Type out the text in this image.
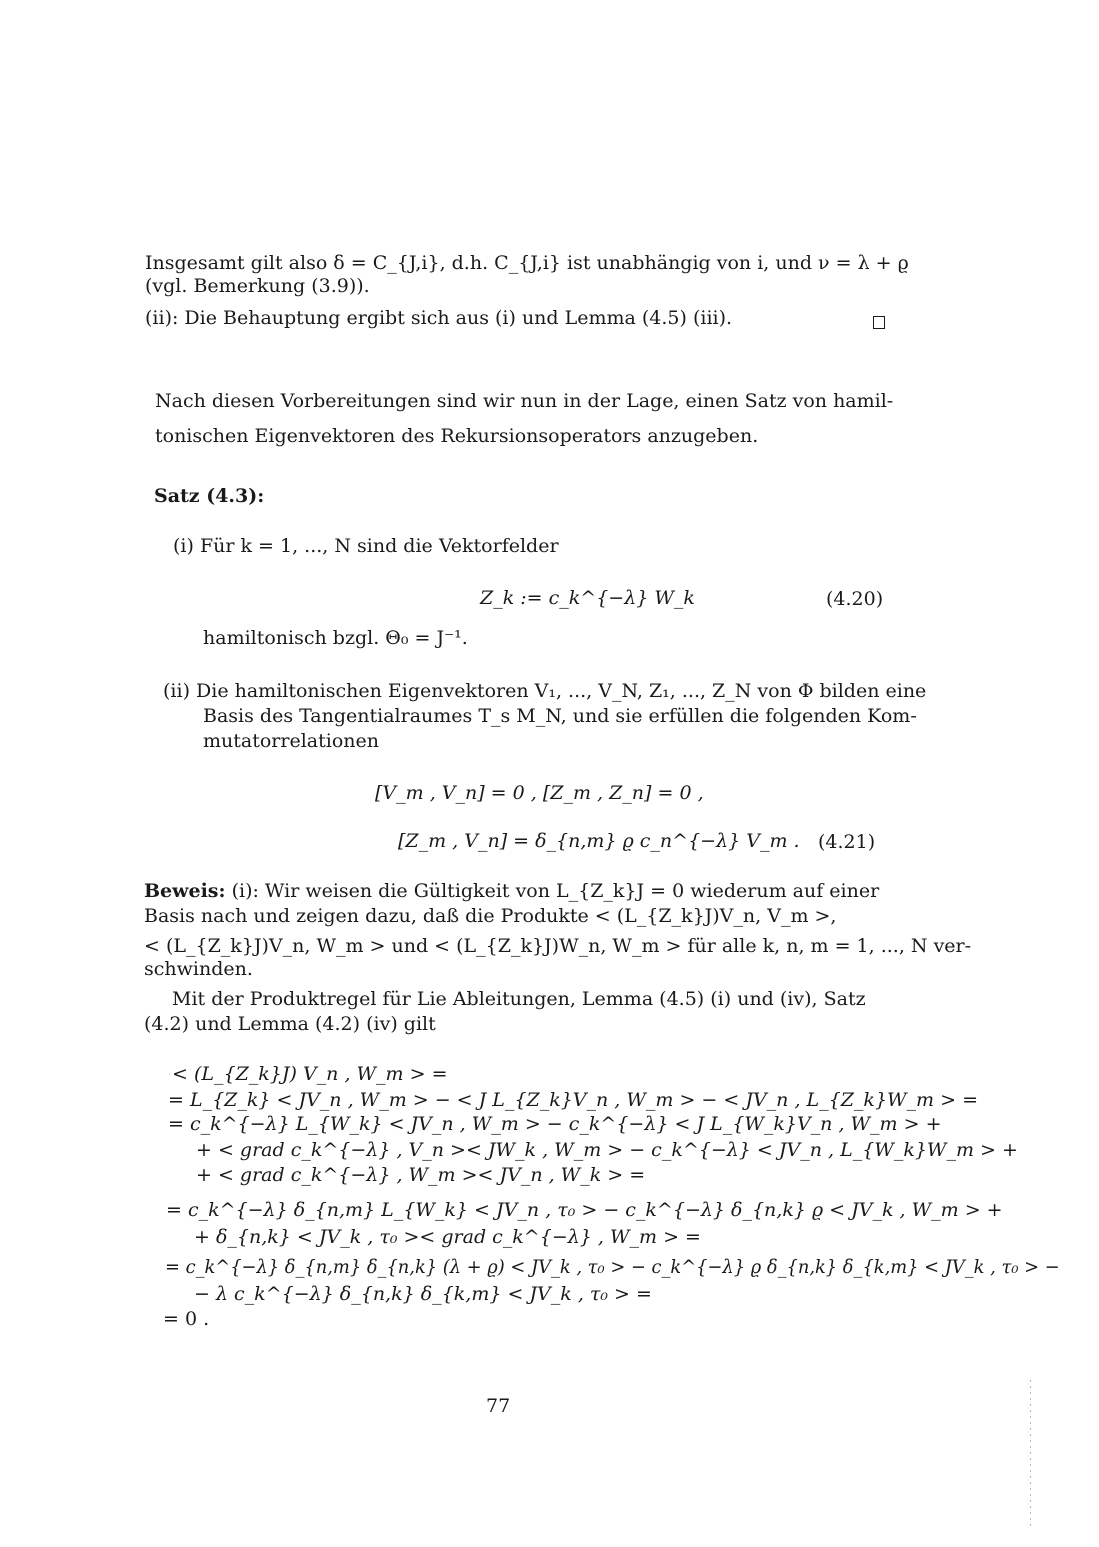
Insgesamt gilt also δ = C_{J,i}, d.h. C_{J,i} ist unabhängig von i, und ν = λ + ϱ
(vgl. Bemerkung (3.9)).
(ii): Die Behauptung ergibt sich aus (i) und Lemma (4.5) (iii).
Nach diesen Vorbereitungen sind wir nun in der Lage, einen Satz von hamil-
tonischen Eigenvektoren des Rekursionsoperators anzugeben.
Satz (4.3):
(i) Für k = 1, ..., N sind die Vektorfelder
Z_k := c_k^{−λ} W_k	(4.20)
hamiltonisch bzgl. Θ₀ = J⁻¹.
(ii) Die hamiltonischen Eigenvektoren V₁, ..., V_N, Z₁, ..., Z_N von Φ bilden eine
Basis des Tangentialraumes T_s M_N, und sie erfüllen die folgenden Kom-
mutatorrelationen
[V_m , V_n] = 0 , [Z_m , Z_n] = 0 ,
[Z_m , V_n] = δ_{n,m} ϱ c_n^{−λ} V_m . (4.21)
Beweis: (i): Wir weisen die Gültigkeit von L_{Z_k}J = 0 wiederum auf einer
Basis nach und zeigen dazu, daß die Produkte < (L_{Z_k}J)V_n, V_m >,
< (L_{Z_k}J)V_n, W_m > und < (L_{Z_k}J)W_n, W_m > für alle k, n, m = 1, ..., N ver-
schwinden.
Mit der Produktregel für Lie Ableitungen, Lemma (4.5) (i) und (iv), Satz
(4.2) und Lemma (4.2) (iv) gilt
< (L_{Z_k}J) V_n , W_m > =
= L_{Z_k} < JV_n , W_m > − < J L_{Z_k}V_n , W_m > − < JV_n , L_{Z_k}W_m > =
= c_k^{−λ} L_{W_k} < JV_n , W_m > − c_k^{−λ} < J L_{W_k}V_n , W_m > +
+ < grad c_k^{−λ} , V_n >< JW_k , W_m > − c_k^{−λ} < JV_n , L_{W_k}W_m > +
+ < grad c_k^{−λ} , W_m >< JV_n , W_k > =
= c_k^{−λ} δ_{n,m} L_{W_k} < JV_n , τ₀ > − c_k^{−λ} δ_{n,k} ϱ < JV_k , W_m > +
+ δ_{n,k} < JV_k , τ₀ >< grad c_k^{−λ} , W_m > =
= c_k^{−λ} δ_{n,m} δ_{n,k} (λ + ϱ) < JV_k , τ₀ > − c_k^{−λ} ϱ δ_{n,k} δ_{k,m} < JV_k , τ₀ > −
− λ c_k^{−λ} δ_{n,k} δ_{k,m} < JV_k , τ₀ > =
= 0 .
77
